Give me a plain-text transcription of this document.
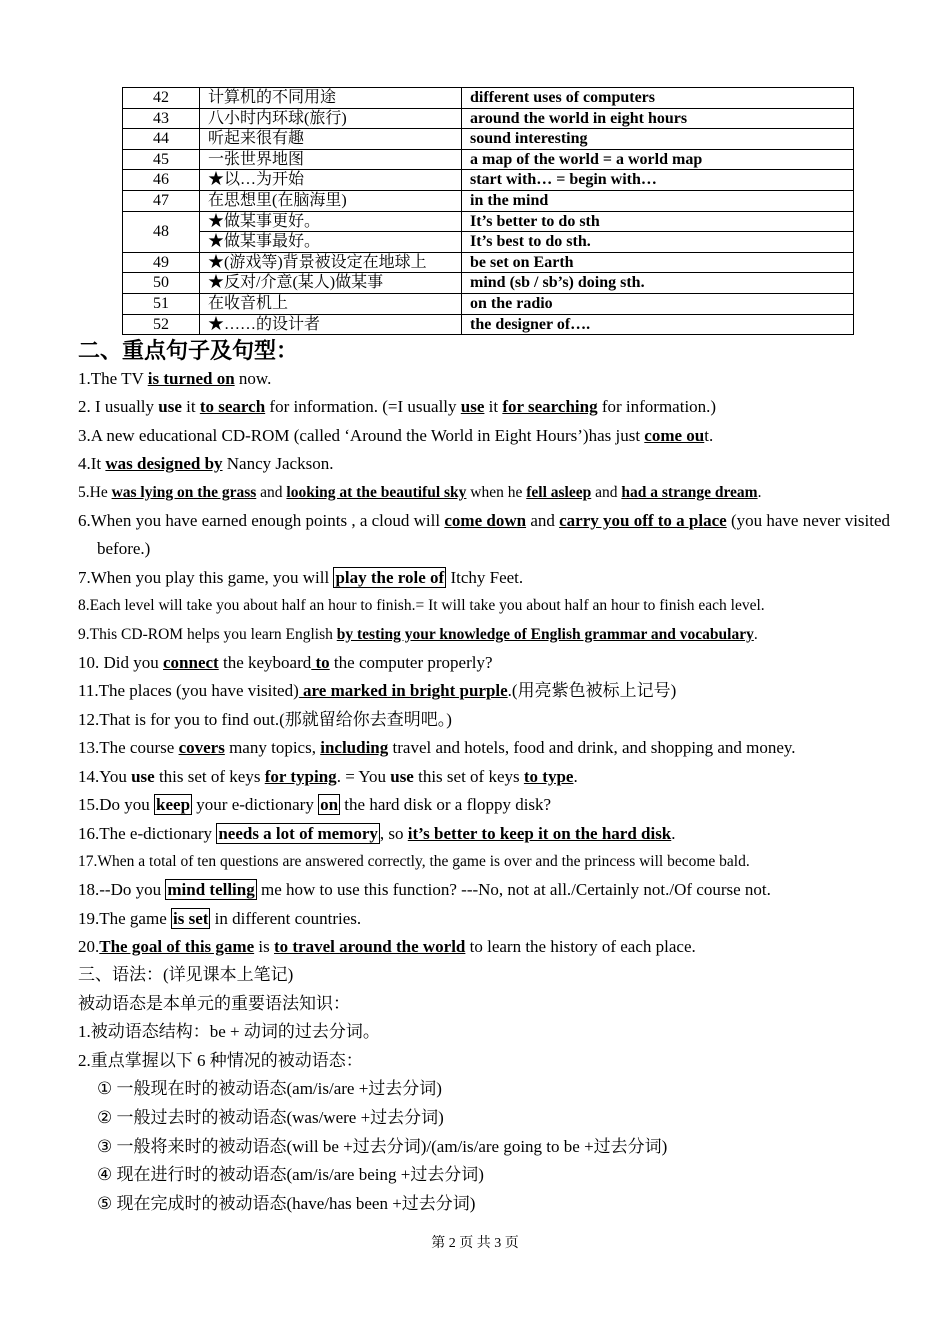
42	计算机的不同用途	different uses of computers
43	八小时内环球(旅行)	around the world in eight hours
44	听起来很有趣	sound interesting
45	一张世界地图	a map of the world = a world map
46	★以…为开始	start with… = begin with…
47	在思想里(在脑海里)	in the mind
48	★做某事更好。	It’s better to do sth
	★做某事最好。	It’s best to do sth.
49	★(游戏等)背景被设定在地球上	be set on Earth
50	★反对/介意(某人)做某事	mind (sb / sb’s) doing sth.
51	在收音机上	on the radio
52	★……的设计者	the designer of….
二、重点句子及句型：
1.The TV is turned on now.
2. I usually use it to search for information. (=I usually use it for searching for information.)
3.A new educational CD-ROM (called ‘Around the World in Eight Hours’)has just come out.
4.It was designed by Nancy Jackson.
5.He was lying on the grass and looking at the beautiful sky when he fell asleep and had a strange dream.
6.When you have earned enough points , a cloud will come down and carry you off to a place (you have never visited before.)
7.When you play this game, you will play the role of Itchy Feet.
8.Each level will take you about half an hour to finish.= It will take you about half an hour to finish each level.
9.This CD-ROM helps you learn English by testing your knowledge of English grammar and vocabulary.
10. Did you connect the keyboard to the computer properly?
11.The places (you have visited) are marked in bright purple.(用亮紫色被标上记号)
12.That is for you to find out.(那就留给你去查明吧。)
13.The course covers many topics, including travel and hotels, food and drink, and shopping and money.
14.You use this set of keys for typing. = You use this set of keys to type.
15.Do you keep your e-dictionary on the hard disk or a floppy disk?
16.The e-dictionary needs a lot of memory , so it’s better to keep it on the hard disk.
17.When a total of ten questions are answered correctly, the game is over and the princess will become bald.
18.--Do you mind telling me how to use this function? ---No, not at all./Certainly not./Of course not.
19.The game is set in different countries.
20.The goal of this game is to travel around the world to learn the history of each place.

三、语法：(详见课本上笔记)

被动语态是本单元的重要语法知识：

1.被动语态结构：be + 动词的过去分词。

2.重点掌握以下 6 种情况的被动语态：

① 一般现在时的被动语态(am/is/are +过去分词)

② 一般过去时的被动语态(was/were +过去分词)

③ 一般将来时的被动语态(will be +过去分词)/(am/is/are going to be +过去分词)

④ 现在进行时的被动语态(am/is/are being +过去分词)

⑤ 现在完成时的被动语态(have/has been +过去分词)

第 2 页 共 3 页
